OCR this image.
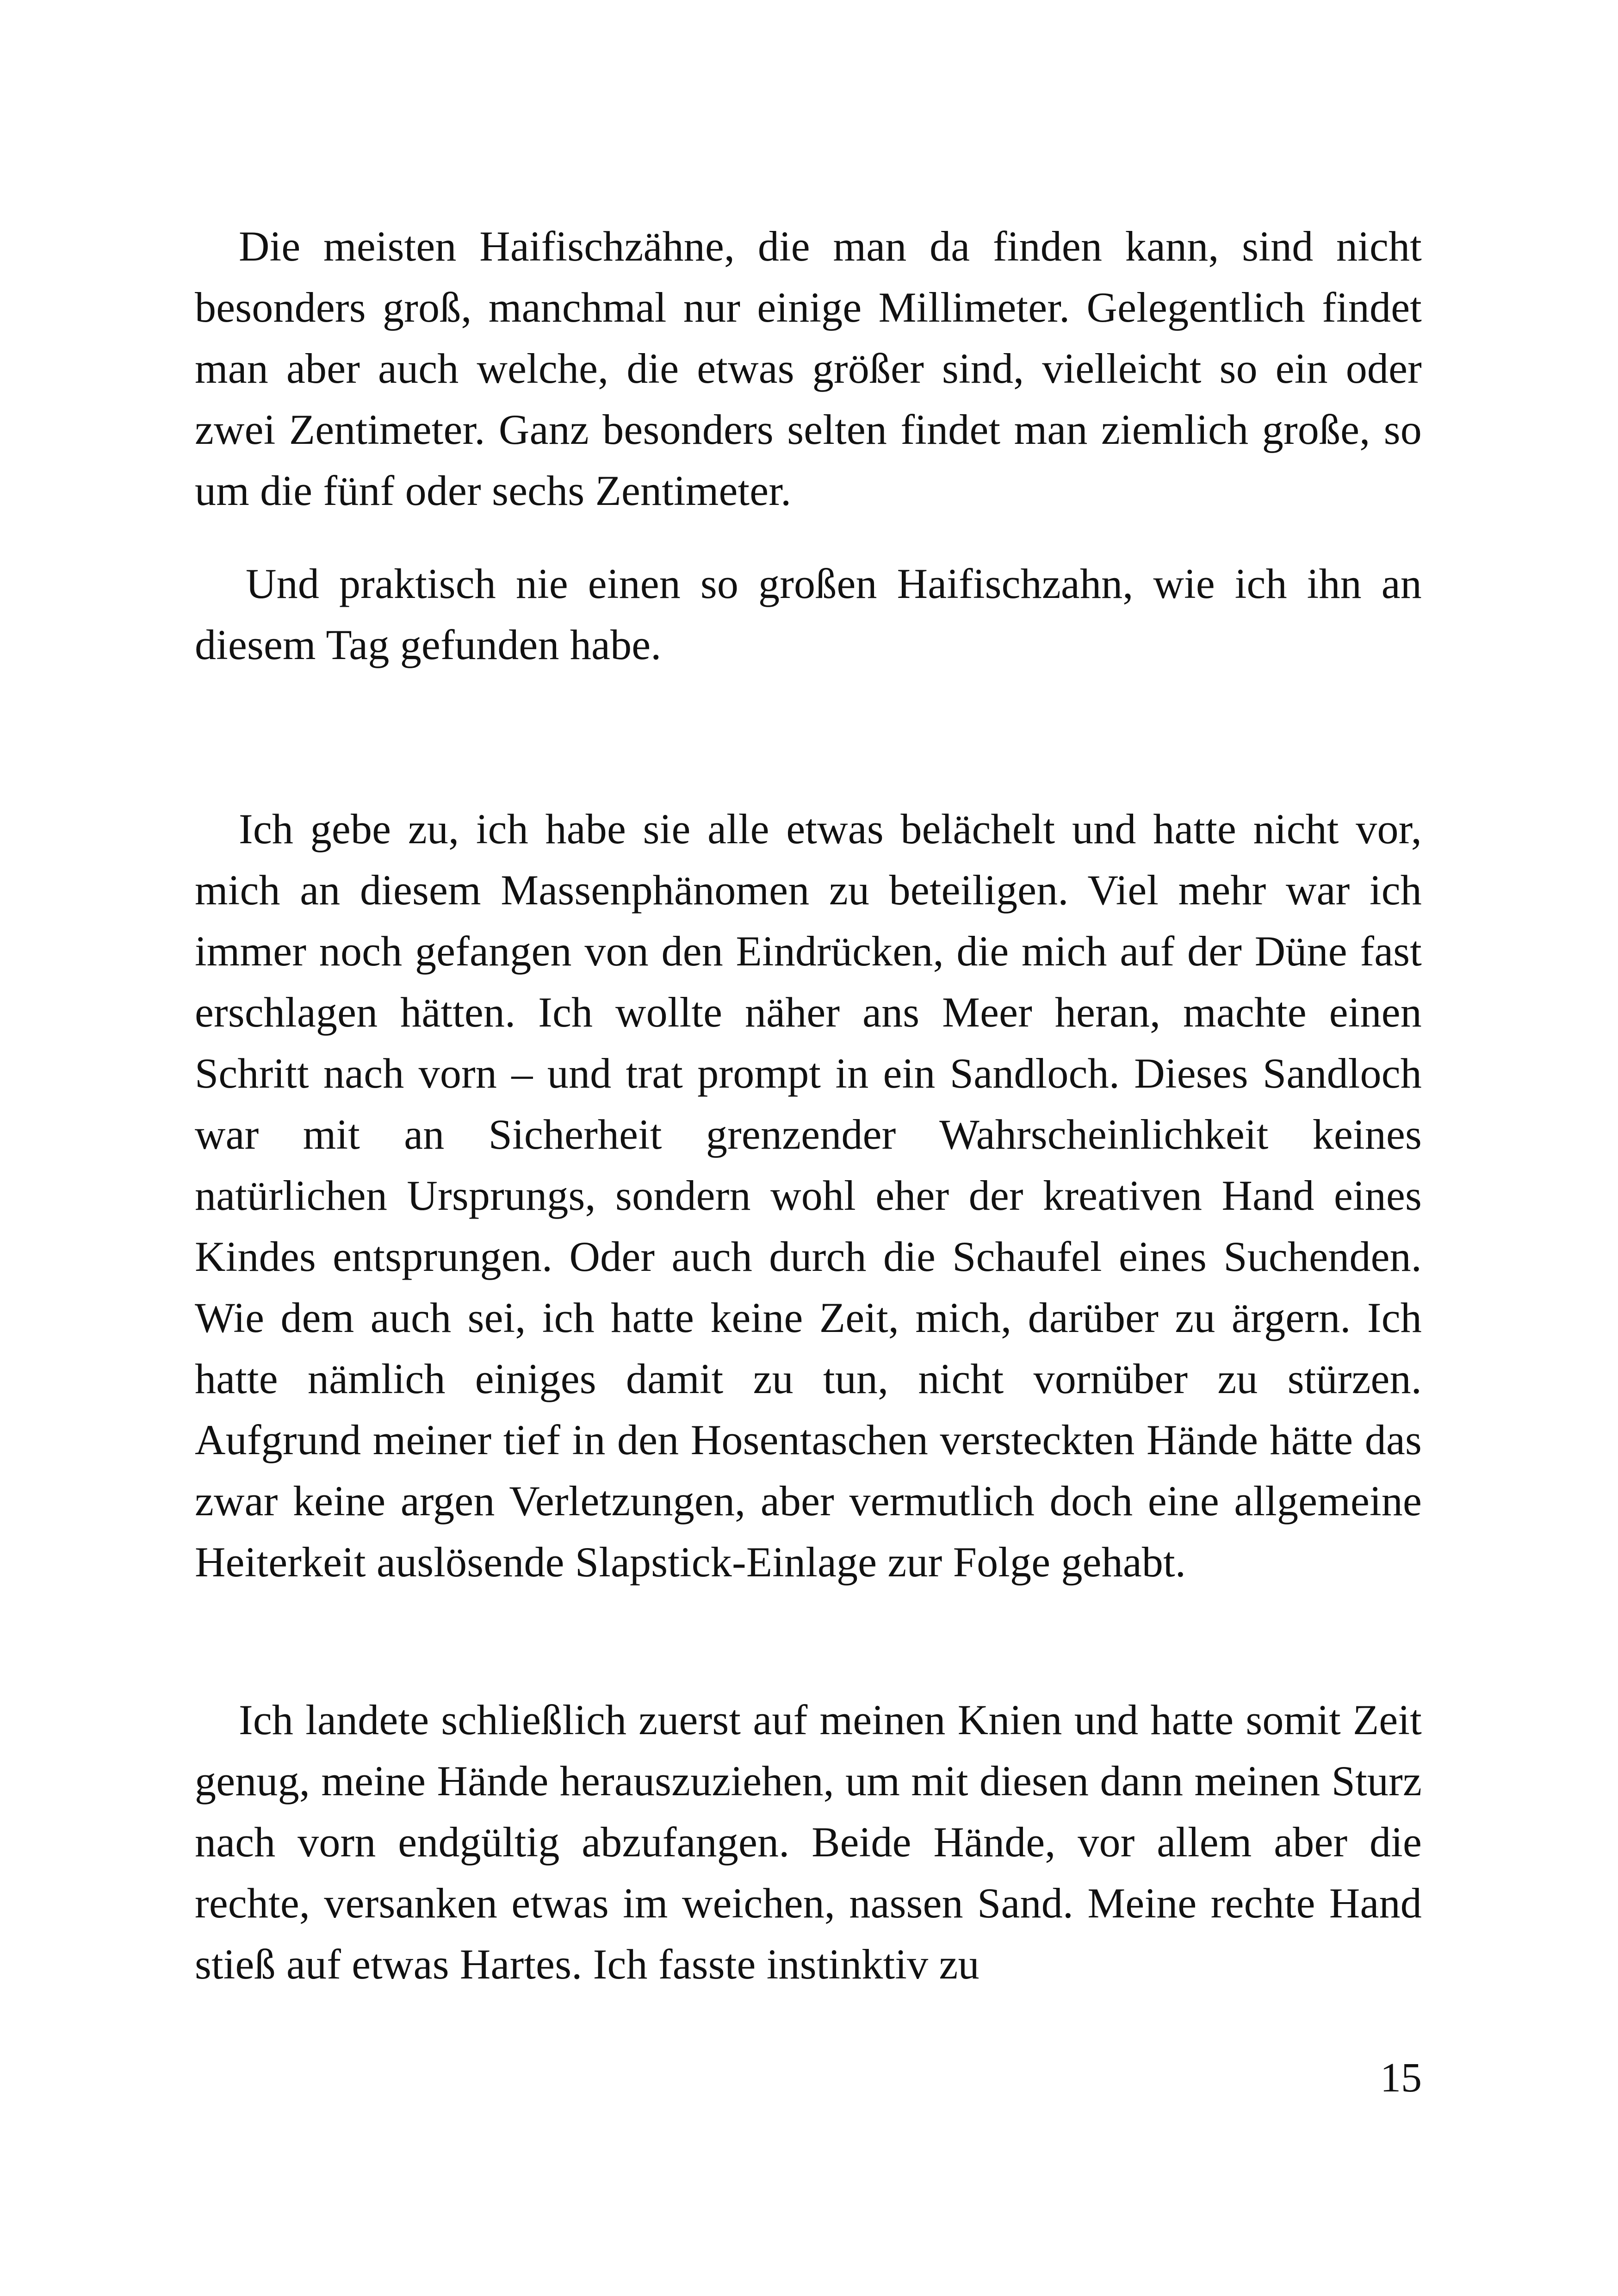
Die meisten Haifischzähne, die man da finden kann, sind nicht besonders groß, manchmal nur einige Millimeter. Gelegentlich findet man aber auch welche, die etwas größer sind, vielleicht so ein oder zwei Zentimeter. Ganz besonders selten findet man ziemlich große, so um die fünf oder sechs Zentimeter.

Und praktisch nie einen so großen Haifischzahn, wie ich ihn an diesem Tag gefunden habe.

Ich gebe zu, ich habe sie alle etwas belächelt und hatte nicht vor, mich an diesem Massenphänomen zu beteiligen. Viel mehr war ich immer noch gefangen von den Eindrücken, die mich auf der Düne fast erschlagen hätten. Ich wollte näher ans Meer heran, machte einen Schritt nach vorn – und trat prompt in ein Sandloch. Dieses Sandloch war mit an Sicherheit grenzender Wahrscheinlichkeit keines natürlichen Ursprungs, sondern wohl eher der kreativen Hand eines Kindes entsprungen. Oder auch durch die Schaufel eines Suchenden. Wie dem auch sei, ich hatte keine Zeit, mich, darüber zu ärgern. Ich hatte nämlich einiges damit zu tun, nicht vornüber zu stürzen. Aufgrund meiner tief in den Hosentaschen versteckten Hände hätte das zwar keine argen Verletzungen, aber vermutlich doch eine allgemeine Heiterkeit auslösende Slapstick-Einlage zur Folge gehabt.

Ich landete schließlich zuerst auf meinen Knien und hatte somit Zeit genug, meine Hände herauszuziehen, um mit diesen dann meinen Sturz nach vorn endgültig abzufangen. Beide Hände, vor allem aber die rechte, versanken etwas im weichen, nassen Sand. Meine rechte Hand stieß auf etwas Hartes. Ich fasste instinktiv zu

15
